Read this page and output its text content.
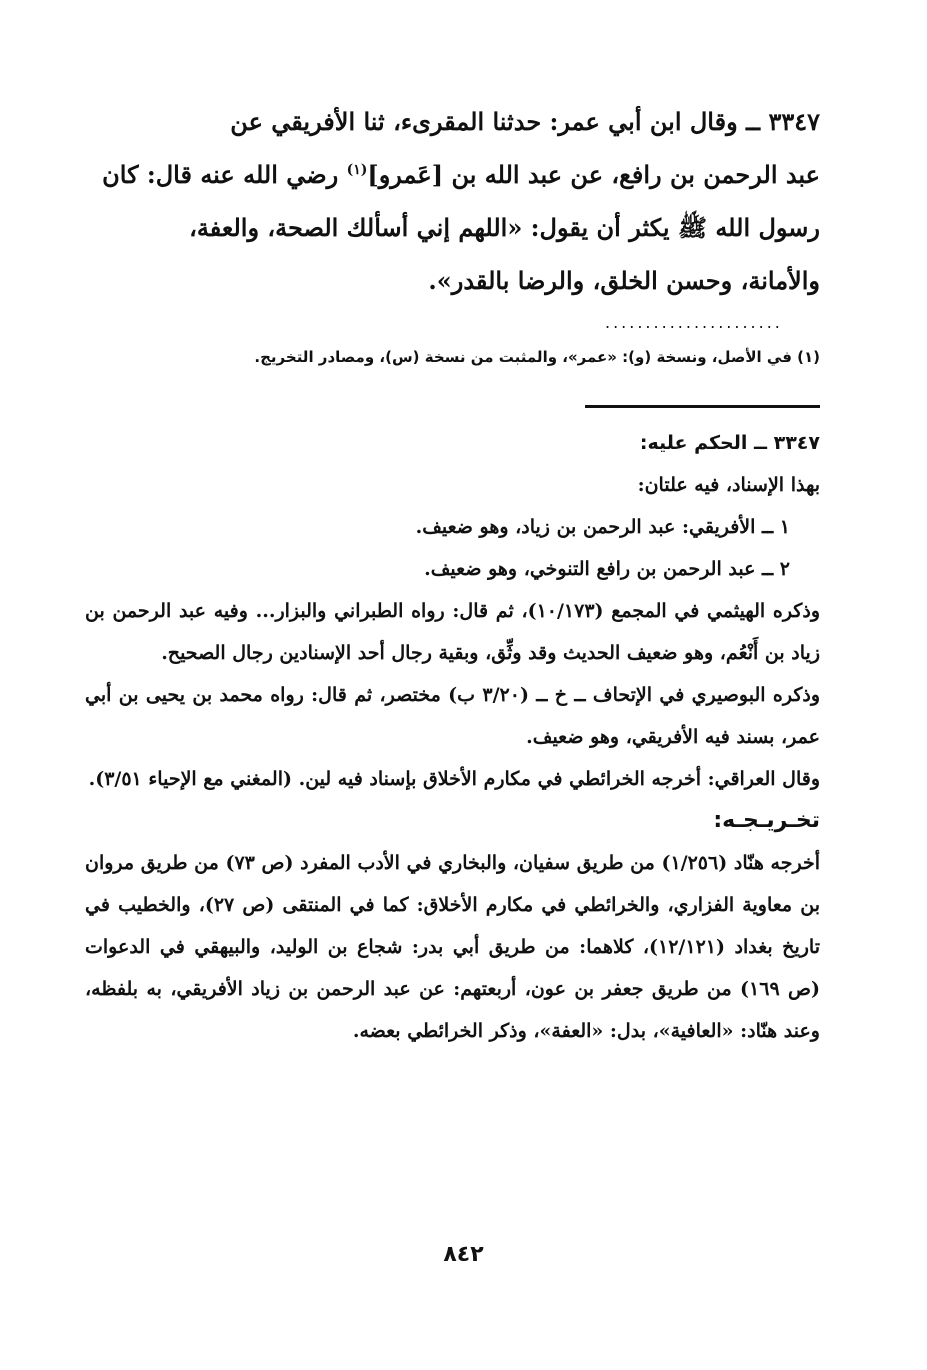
٣٣٤٧ ــ وقال ابن أبي عمر: حدثنا المقرىء، ثنا الأفريقي عن

عبد الرحمن بن رافع، عن عبد الله بن [عَمرو]$^{(١)}$ رضي الله عنه قال: كان

رسول الله ﷺ يكثر أن يقول: «اللهم إني أسألك الصحة، والعفة،

والأمانة، وحسن الخلق، والرضا بالقدر».

......................

(١) في الأصل، ونسخة (و): «عمر»، والمثبت من نسخة (س)، ومصادر التخريج.

٣٣٤٧ ــ الحكم عليه:

بهذا الإسناد، فيه علتان:

١ ــ الأفريقي: عبد الرحمن بن زياد، وهو ضعيف.

٢ ــ عبد الرحمن بن رافع التنوخي، وهو ضعيف.

وذكره الهيثمي في المجمع (١٠/١٧٣)، ثم قال: رواه الطبراني والبزار... وفيه عبد الرحمن بن زياد بن أَنْعُم، وهو ضعيف الحديث وقد وثِّق، وبقية رجال أحد الإسنادين رجال الصحيح.

وذكره البوصيري في الإتحاف ــ خ ــ (٣/٢٠ ب) مختصر، ثم قال: رواه محمد بن يحيى بن أبي عمر، بسند فيه الأفريقي، وهو ضعيف.

وقال العراقي: أخرجه الخرائطي في مكارم الأخلاق بإسناد فيه لين. (المغني مع الإحياء ٣/٥١).

تخـريـجـه:

أخرجه هنّاد (١/٢٥٦) من طريق سفيان، والبخاري في الأدب المفرد (ص ٧٣) من طريق مروان بن معاوية الفزاري، والخرائطي في مكارم الأخلاق: كما في المنتقى (ص ٢٧)، والخطيب في تاريخ بغداد (١٢/١٢١)، كلاهما: من طريق أبي بدر: شجاع بن الوليد، والبيهقي في الدعوات (ص ١٦٩) من طريق جعفر بن عون، أربعتهم: عن عبد الرحمن بن زياد الأفريقي، به بلفظه، وعند هنّاد: «العافية»، بدل: «العفة»، وذكر الخرائطي بعضه.

٨٤٢
